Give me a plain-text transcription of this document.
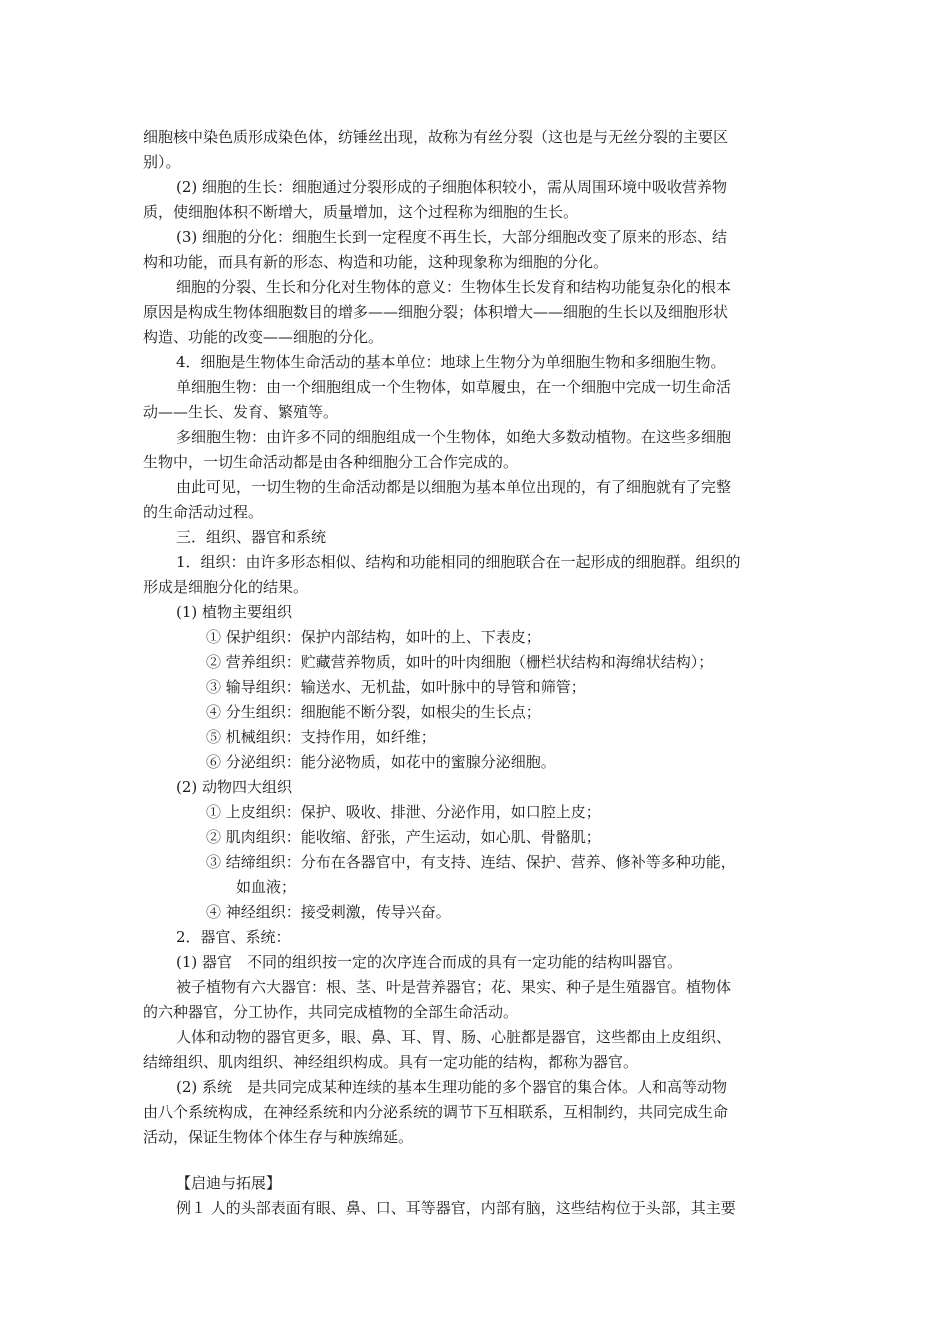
细胞核中染色质形成染色体，纺锤丝出现，故称为有丝分裂（这也是与无丝分裂的主要区
别）。
(2) 细胞的生长：细胞通过分裂形成的子细胞体积较小，需从周围环境中吸收营养物
质，使细胞体积不断增大，质量增加，这个过程称为细胞的生长。
(3) 细胞的分化：细胞生长到一定程度不再生长，大部分细胞改变了原来的形态、结
构和功能，而具有新的形态、构造和功能，这种现象称为细胞的分化。
细胞的分裂、生长和分化对生物体的意义：生物体生长发育和结构功能复杂化的根本
原因是构成生物体细胞数目的增多——细胞分裂；体积增大——细胞的生长以及细胞形状
构造、功能的改变——细胞的分化。
4．细胞是生物体生命活动的基本单位：地球上生物分为单细胞生物和多细胞生物。
单细胞生物：由一个细胞组成一个生物体，如草履虫，在一个细胞中完成一切生命活
动——生长、发育、繁殖等。
多细胞生物：由许多不同的细胞组成一个生物体，如绝大多数动植物。在这些多细胞
生物中，一切生命活动都是由各种细胞分工合作完成的。
由此可见，一切生物的生命活动都是以细胞为基本单位出现的，有了细胞就有了完整
的生命活动过程。
三．组织、器官和系统
1．组织：由许多形态相似、结构和功能相同的细胞联合在一起形成的细胞群。组织的
形成是细胞分化的结果。
(1) 植物主要组织
① 保护组织：保护内部结构，如叶的上、下表皮；
② 营养组织：贮藏营养物质，如叶的叶肉细胞（栅栏状结构和海绵状结构）；
③ 输导组织：输送水、无机盐，如叶脉中的导管和筛管；
④ 分生组织：细胞能不断分裂，如根尖的生长点；
⑤ 机械组织：支持作用，如纤维；
⑥ 分泌组织：能分泌物质，如花中的蜜腺分泌细胞。
(2) 动物四大组织
① 上皮组织：保护、吸收、排泄、分泌作用，如口腔上皮；
② 肌肉组织：能收缩、舒张，产生运动，如心肌、骨骼肌；
③ 结缔组织：分布在各器官中，有支持、连结、保护、营养、修补等多种功能，
如血液；
④ 神经组织：接受刺激，传导兴奋。
2．器官、系统：
(1) 器官　不同的组织按一定的次序连合而成的具有一定功能的结构叫器官。
被子植物有六大器官：根、茎、叶是营养器官；花、果实、种子是生殖器官。植物体
的六种器官，分工协作，共同完成植物的全部生命活动。
人体和动物的器官更多，眼、鼻、耳、胃、肠、心脏都是器官，这些都由上皮组织、
结缔组织、肌肉组织、神经组织构成。具有一定功能的结构，都称为器官。
(2) 系统　是共同完成某种连续的基本生理功能的多个器官的集合体。人和高等动物
由八个系统构成，在神经系统和内分泌系统的调节下互相联系，互相制约，共同完成生命
活动，保证生物体个体生存与种族绵延。
【启迪与拓展】
例１ 人的头部表面有眼、鼻、口、耳等器官，内部有脑，这些结构位于头部，其主要
